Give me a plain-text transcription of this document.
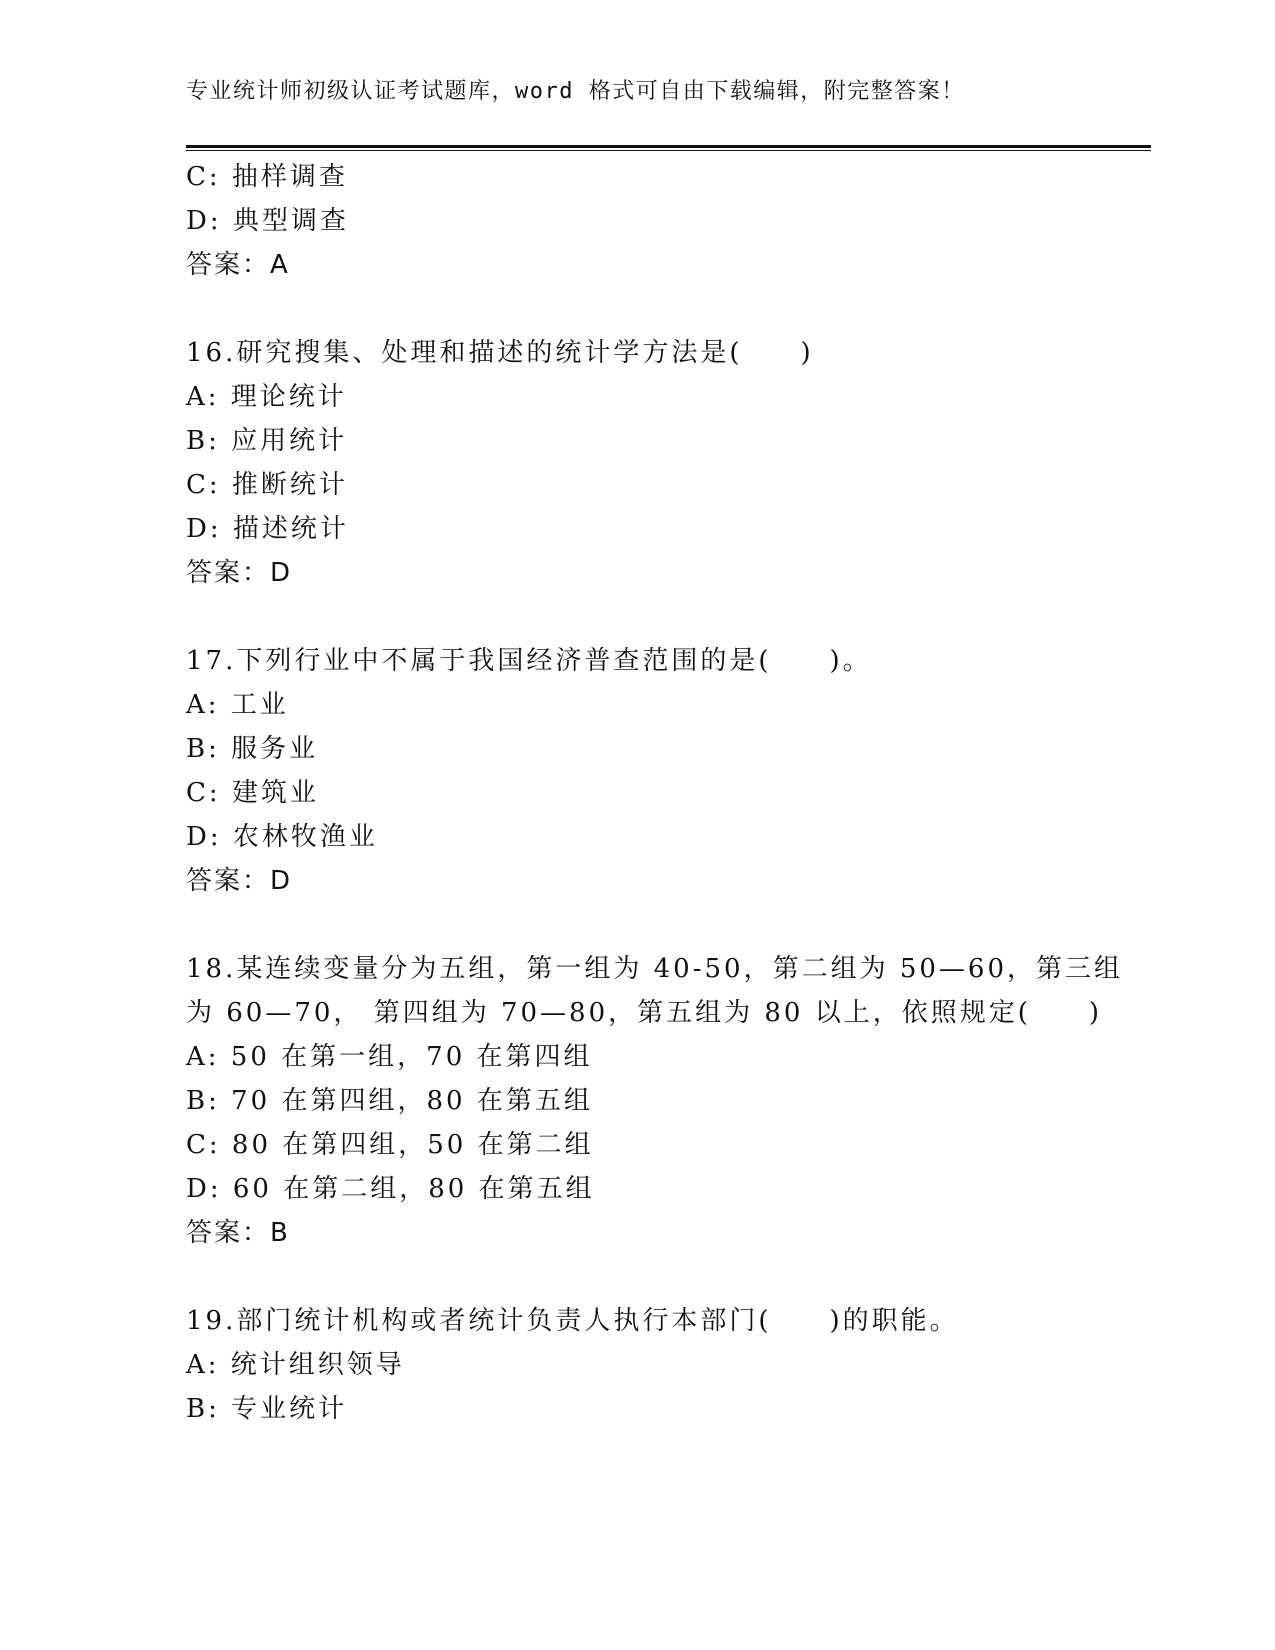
专业统计师初级认证考试题库，word 格式可自由下载编辑，附完整答案！
C: 抽样调查
D: 典型调查
答案：A
16.研究搜集、处理和描述的统计学方法是(　　)
A: 理论统计
B: 应用统计
C: 推断统计
D: 描述统计
答案：D
17.下列行业中不属于我国经济普查范围的是(　　)。
A: 工业
B: 服务业
C: 建筑业
D: 农林牧渔业
答案：D
18.某连续变量分为五组，第一组为 40-50，第二组为 50—60，第三组
为 60—70， 第四组为 70—80，第五组为 80 以上，依照规定(　　)
A: 50 在第一组，70 在第四组
B: 70 在第四组，80 在第五组
C: 80 在第四组，50 在第二组
D: 60 在第二组，80 在第五组
答案：B
19.部门统计机构或者统计负责人执行本部门(　　)的职能。
A: 统计组织领导
B: 专业统计
